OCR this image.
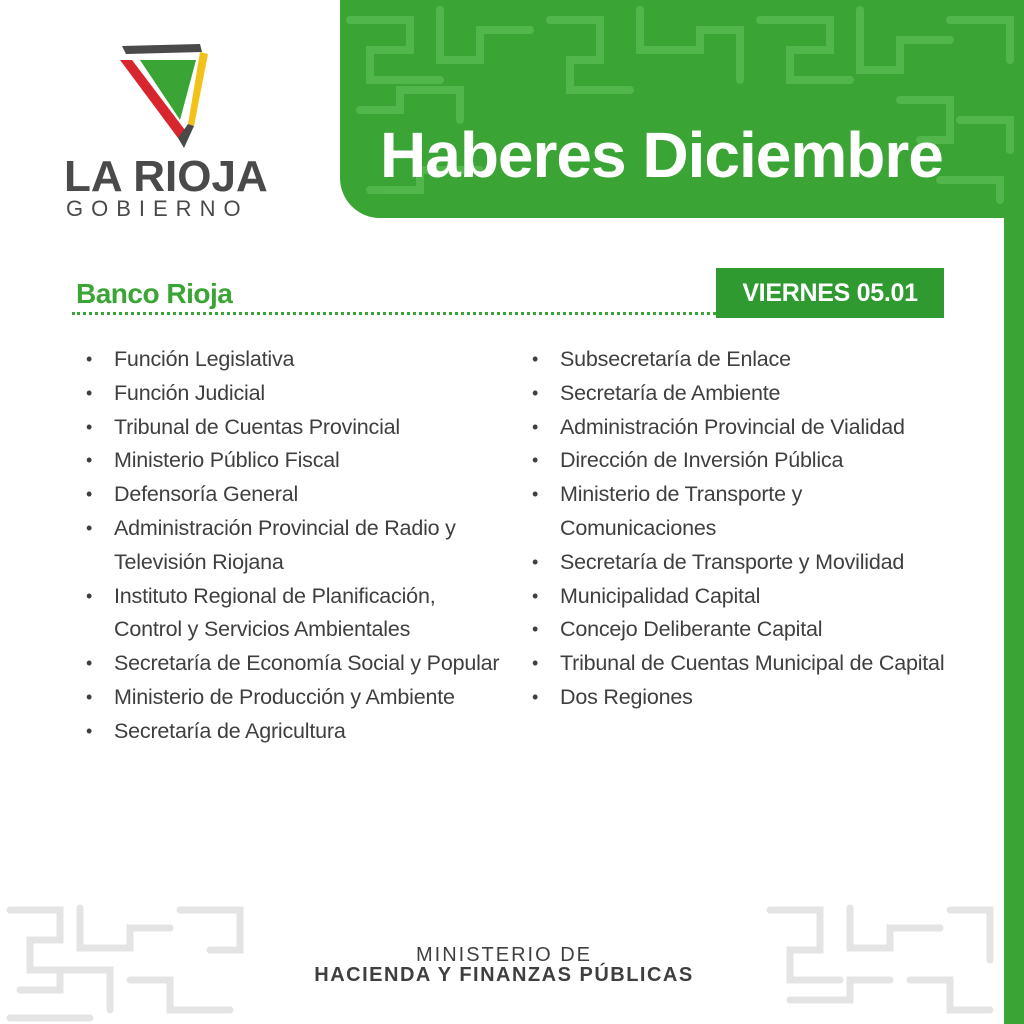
Haberes Diciembre
LA RIOJA
GOBIERNO
Banco Rioja	VIERNES 05.01
• Función Legislativa
• Función Judicial
• Tribunal de Cuentas Provincial
• Ministerio Público Fiscal
• Defensoría General
• Administración Provincial de Radio y Televisión Riojana
• Instituto Regional de Planificación, Control y Servicios Ambientales
• Secretaría de Economía Social y Popular
• Ministerio de Producción y Ambiente
• Secretaría de Agricultura
• Subsecretaría de Enlace
• Secretaría de Ambiente
• Administración Provincial de Vialidad
• Dirección de Inversión Pública
• Ministerio de Transporte y Comunicaciones
• Secretaría de Transporte y Movilidad
• Municipalidad Capital
• Concejo Deliberante Capital
• Tribunal de Cuentas Municipal de Capital
• Dos Regiones
MINISTERIO DE
HACIENDA Y FINANZAS PÚBLICAS
